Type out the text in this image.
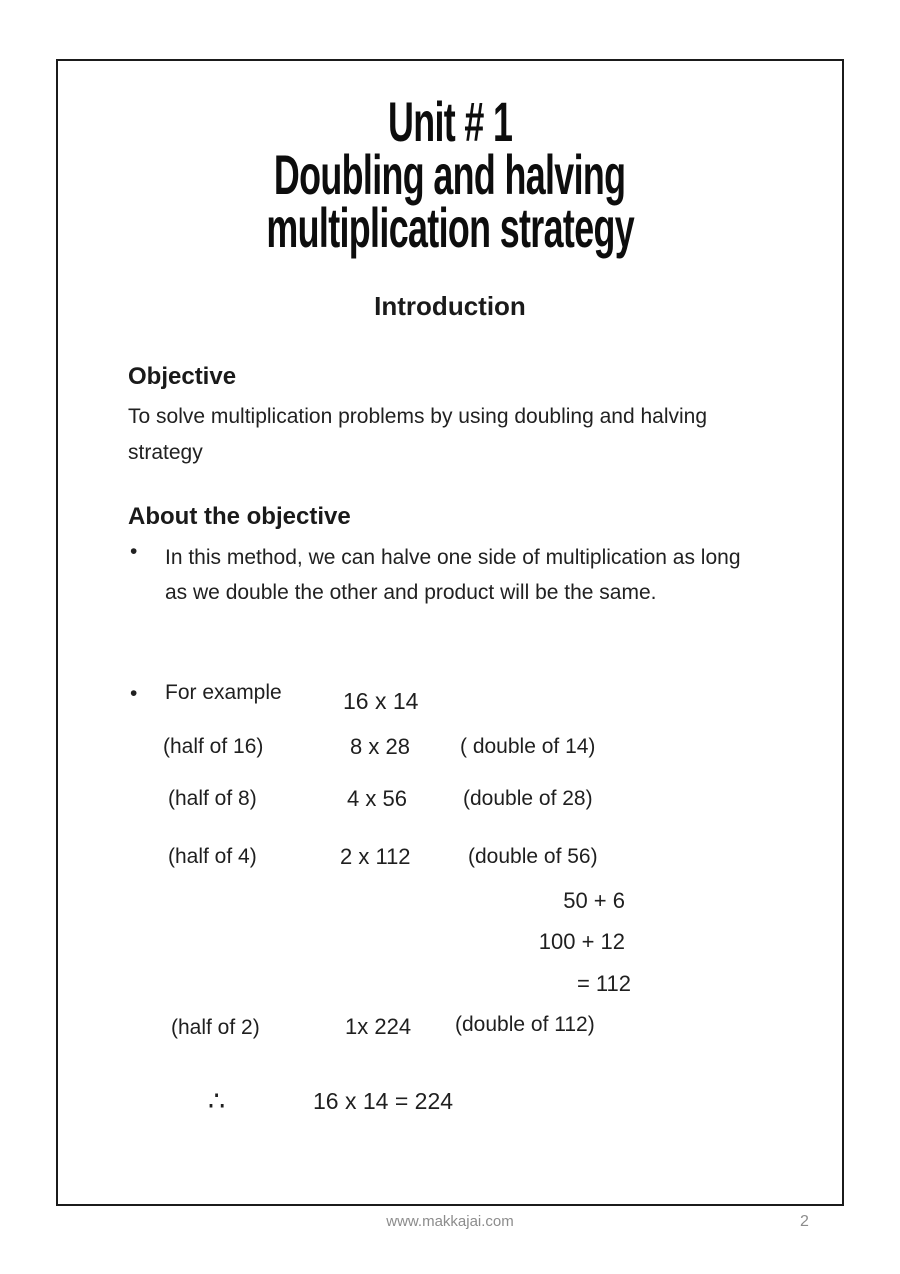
Unit # 1
Doubling and halving
multiplication strategy
Introduction
Objective
To solve multiplication problems by using doubling and halving strategy
About the objective
• In this method, we can halve one side of multiplication as long as we double the other and product will be the same.
• For example	16 x 14
(half of 16)	8 x 28 ( double of 14)
(half of 8)	4 x 56	(double of 28)
(half of 4)	2 x 112	(double of 56)
50 + 6
100 + 12
= 112
(half of 2)	1x 224 (double of 112)
∴	16 x 14 = 224
www.makkajai.com	2
